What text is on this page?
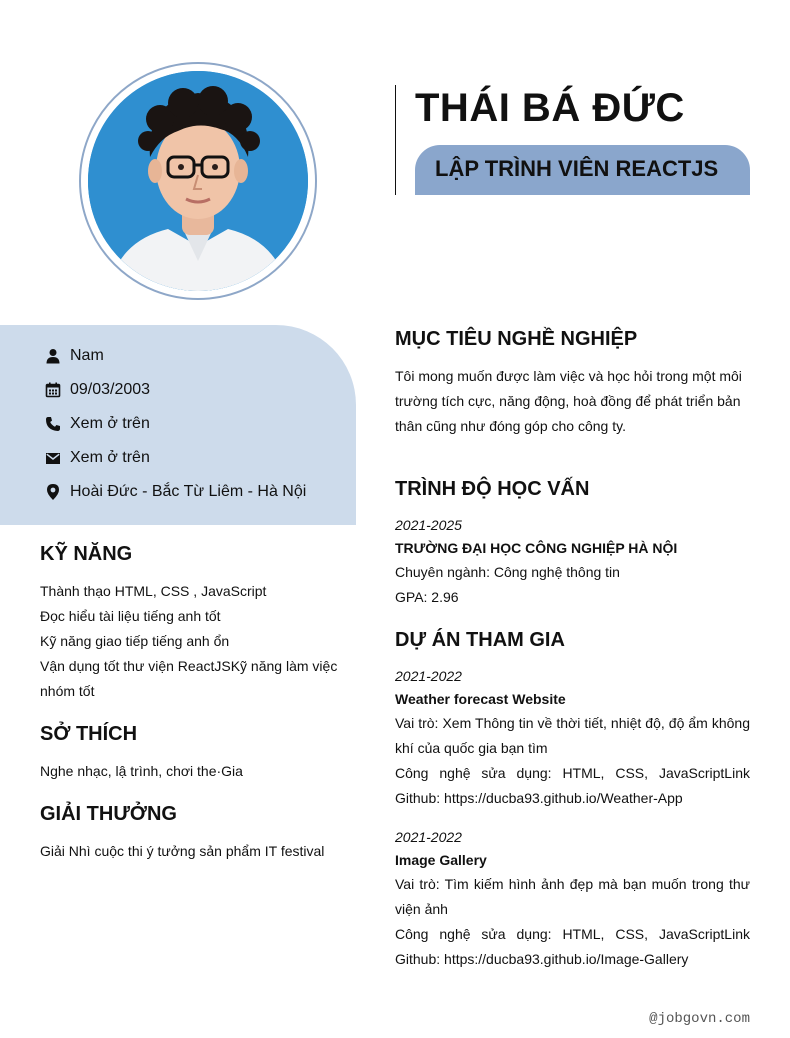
THÁI BÁ ĐỨC
LẬP TRÌNH VIÊN REACTJS
Nam
09/03/2003
Xem ở trên
Xem ở trên
Hoài Đức - Bắc Từ Liêm - Hà Nội
KỸ NĂNG
Thành thạo HTML, CSS , JavaScript
Đọc hiểu tài liệu tiếng anh tốt
Kỹ năng giao tiếp tiếng anh ổn
Vận dụng tốt thư viện ReactJSKỹ năng làm việc
nhóm tốt
SỞ THÍCH
Nghe nhạc, lậ trình, chơi the·Gia
GIẢI THƯỞNG
Giải Nhì cuộc thi ý tưởng sản phẩm IT festival
MỤC TIÊU NGHỀ NGHIỆP
Tôi mong muốn được làm việc và học hỏi trong một môi trường tích cực, năng động, hoà đồng để phát triển bản thân cũng như đóng góp cho công ty.
TRÌNH ĐỘ HỌC VẤN
2021-2025
TRƯỜNG ĐẠI HỌC CÔNG NGHIỆP HÀ NỘI
Chuyên ngành: Công nghệ thông tin
GPA: 2.96
DỰ ÁN THAM GIA
2021-2022
Weather forecast Website
Vai trò: Xem Thông tin về thời tiết, nhiệt độ, độ ẩm không khí của quốc gia bạn tìm
Công nghệ sửa dụng: HTML, CSS, JavaScriptLink Github: https://ducba93.github.io/Weather-App
2021-2022
Image Gallery
Vai trò: Tìm kiếm hình ảnh đẹp mà bạn muốn trong thư viện ảnh
Công nghệ sửa dụng: HTML, CSS, JavaScriptLink Github: https://ducba93.github.io/Image-Gallery
@jobgovn.com
